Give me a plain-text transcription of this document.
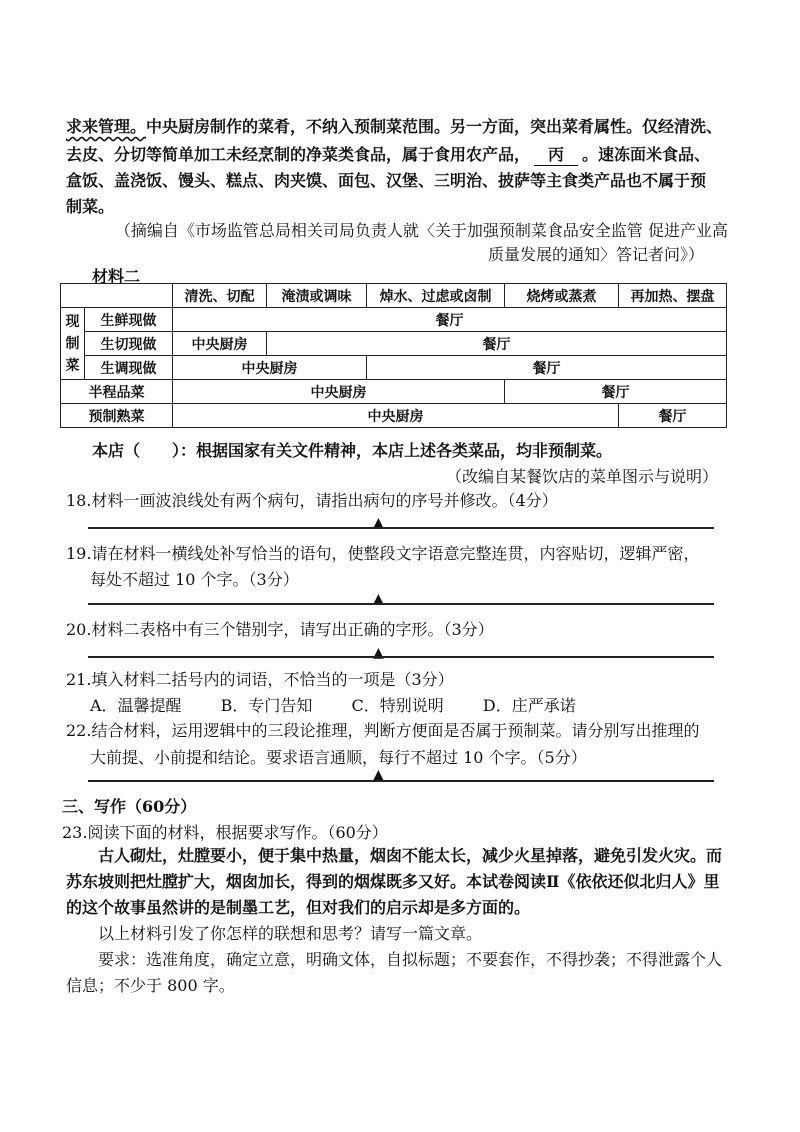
求来管理。中央厨房制作的菜肴，不纳入预制菜范围。另一方面，突出菜肴属性。仅经清洗、
去皮、分切等简单加工未经烹制的净菜类食品，属于食用农产品， 丙 。速冻面米食品、
盒饭、盖浇饭、馒头、糕点、肉夹馍、面包、汉堡、三明治、披萨等主食类产品也不属于预
制菜。
（摘编自《市场监管总局相关司局负责人就〈关于加强预制菜食品安全监管 促进产业高
质量发展的通知〉答记者问》）
材料二
		清洗、切配	淹渍或调味	焯水、过虑或卤制	烧烤或蒸煮	再加热、摆盘
现
制
菜	生鲜现做	餐厅				
	生切现做	中央厨房	餐厅			
	生调现做	中央厨房		餐厅		
半程品菜		中央厨房			餐厅	
预制熟菜		中央厨房				餐厅
本店（　　）：根据国家有关文件精神，本店上述各类菜品，均非预制菜。
（改编自某餐饮店的菜单图示与说明）
18.材料一画波浪线处有两个病句，请指出病句的序号并修改。（4分）
▲
19.请在材料一横线处补写恰当的语句，使整段文字语意完整连贯，内容贴切，逻辑严密，
每处不超过 10 个字。（3分）
▲
20.材料二表格中有三个错别字，请写出正确的字形。（3分）
▲
21.填入材料二括号内的词语，不恰当的一项是（3分）
A．温馨提醒 B．专门告知 C．特别说明 D．庄严承诺
22.结合材料，运用逻辑中的三段论推理，判断方便面是否属于预制菜。请分别写出推理的
大前提、小前提和结论。要求语言通顺，每行不超过 10 个字。（5分）
▲
三、写作（60分）
23.阅读下面的材料，根据要求写作。（60分）

古人砌灶，灶膛要小，便于集中热量，烟囱不能太长，减少火星掉落，避免引发火灾。而苏东坡则把灶膛扩大，烟囱加长，得到的烟煤既多又好。本试卷阅读Ⅱ《依依还似北归人》里的这个故事虽然讲的是制墨工艺，但对我们的启示却是多方面的。

以上材料引发了你怎样的联想和思考？请写一篇文章。

要求：选准角度，确定立意，明确文体，自拟标题；不要套作，不得抄袭；不得泄露个人信息；不少于 800 字。
